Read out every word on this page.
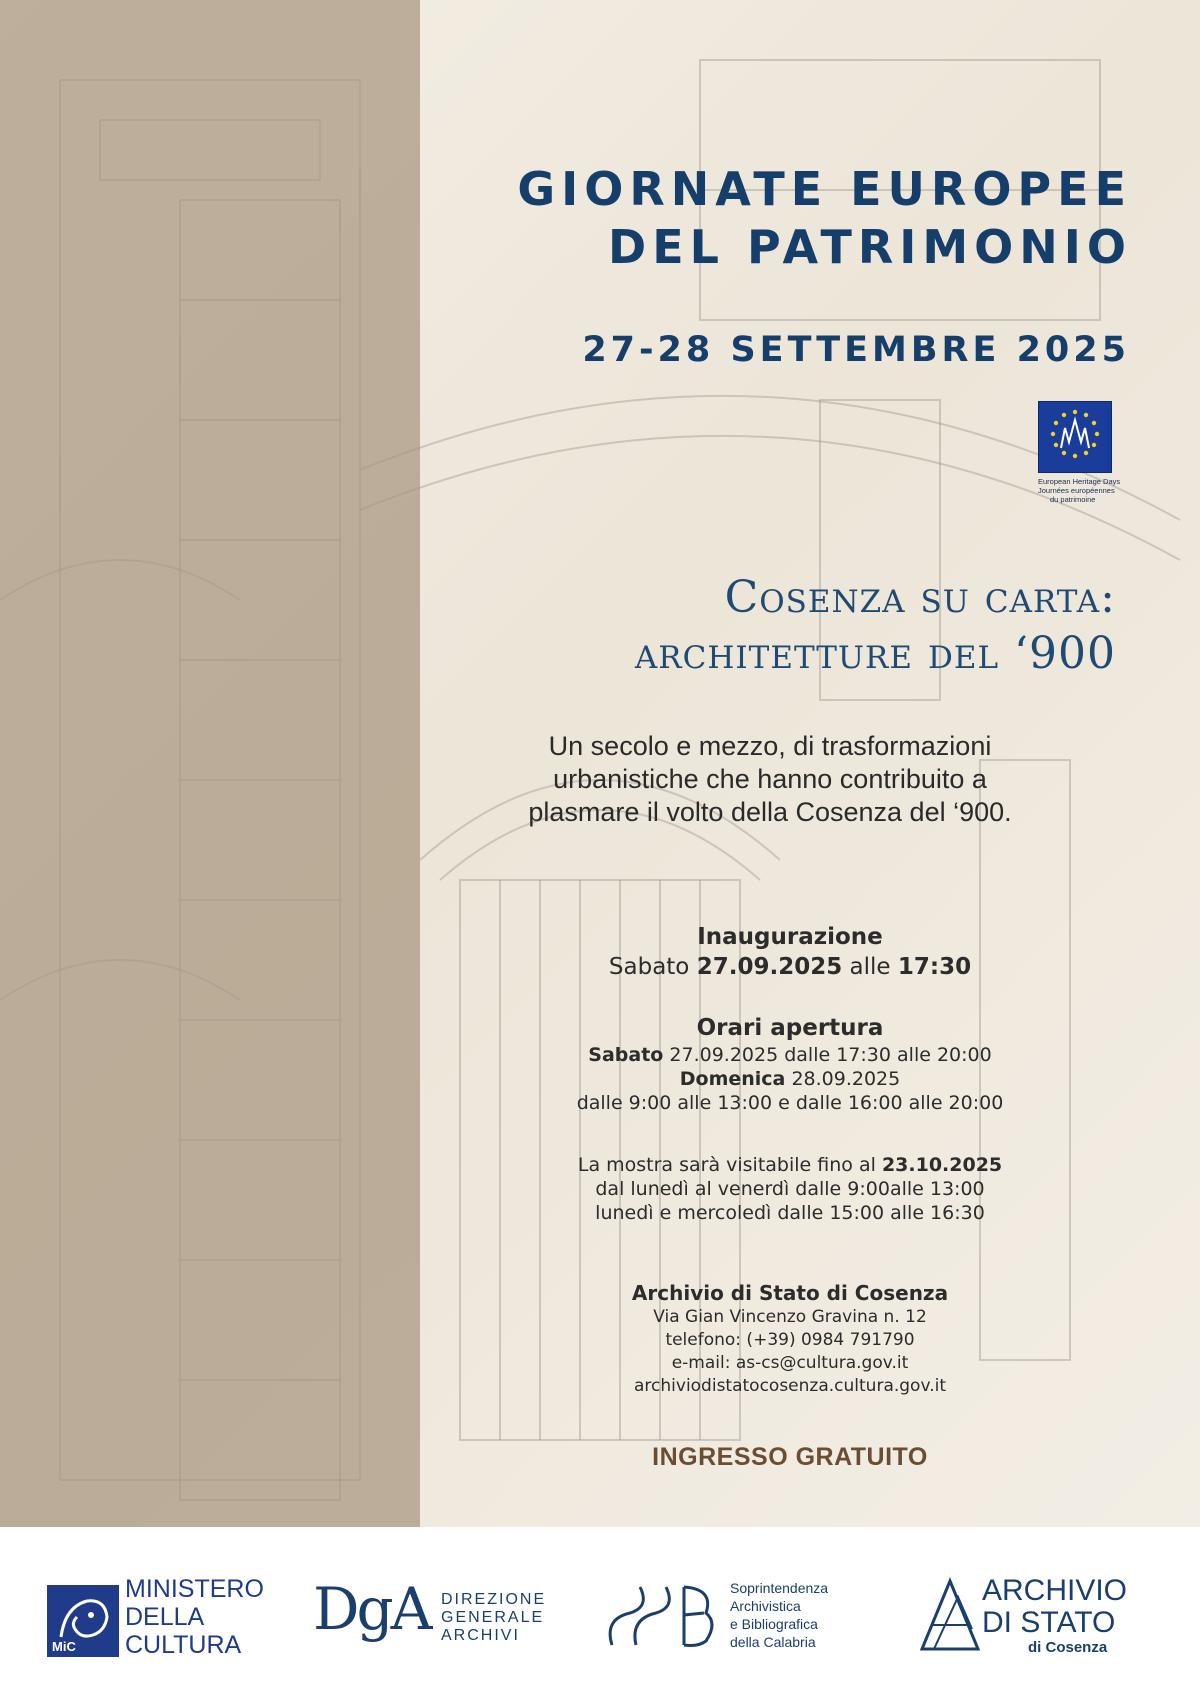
GIORNATE EUROPEE
DEL PATRIMONIO
27-28 SETTEMBRE 2025
European Heritage Days
Journées européennes
du patrimoine
Cosenza su carta:
architetture del ‘900
Un secolo e mezzo, di trasformazioni
urbanistiche che hanno contribuito a
plasmare il volto della Cosenza del ‘900.
Inaugurazione
Sabato 27.09.2025 alle 17:30
Orari apertura
Sabato 27.09.2025 dalle 17:30 alle 20:00
Domenica 28.09.2025
dalle 9:00 alle 13:00 e dalle 16:00 alle 20:00
La mostra sarà visitabile fino al 23.10.2025
dal lunedì al venerdì dalle 9:00alle 13:00
lunedì e mercoledì dalle 15:00 alle 16:30
Archivio di Stato di Cosenza
Via Gian Vincenzo Gravina n. 12
telefono: (+39) 0984 791790
e-mail: as-cs@cultura.gov.it
archiviodistatocosenza.cultura.gov.it
INGRESSO GRATUITO
MiC
MINISTERO
DELLA
CULTURA
DgA DIREZIONE
GENERALE
ARCHIVI
Soprintendenza
Archivistica
e Bibliografica
della Calabria
ARCHIVIO
DI STATO
di Cosenza
